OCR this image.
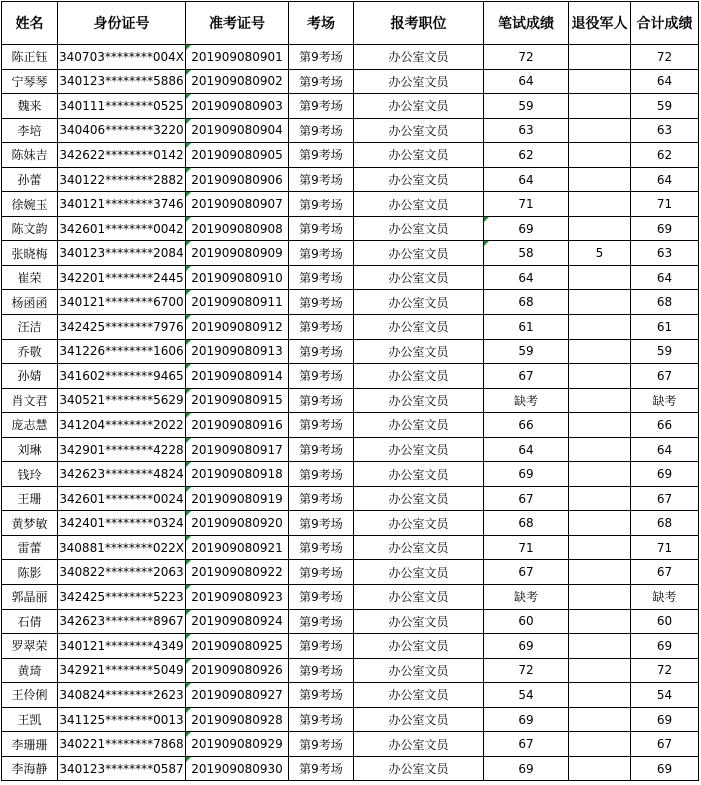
姓名	身份证号	准考证号	考场	报考职位	笔试成绩	退役军人	合计成绩
陈正钰	340703********004X	201909080901	第9考场	办公室文员	72		72
宁琴琴	340123********5886	201909080902	第9考场	办公室文员	64		64
魏来	340111********0525	201909080903	第9考场	办公室文员	59		59
李培	340406********3220	201909080904	第9考场	办公室文员	63		63
陈妹吉	342622********0142	201909080905	第9考场	办公室文员	62		62
孙蕾	340122********2882	201909080906	第9考场	办公室文员	64		64
徐婉玉	340121********3746	201909080907	第9考场	办公室文员	71		71
陈文韵	342601********0042	201909080908	第9考场	办公室文员	69		69
张晓梅	340123********2084	201909080909	第9考场	办公室文员	58	5	63
崔荣	342201********2445	201909080910	第9考场	办公室文员	64		64
杨函函	340121********6700	201909080911	第9考场	办公室文员	68		68
汪洁	342425********7976	201909080912	第9考场	办公室文员	61		61
乔敬	341226********1606	201909080913	第9考场	办公室文员	59		59
孙婧	341602********9465	201909080914	第9考场	办公室文员	67		67
肖文君	340521********5629	201909080915	第9考场	办公室文员	缺考		缺考
庞志慧	341204********2022	201909080916	第9考场	办公室文员	66		66
刘琳	342901********4228	201909080917	第9考场	办公室文员	64		64
钱玲	342623********4824	201909080918	第9考场	办公室文员	69		69
王珊	342601********0024	201909080919	第9考场	办公室文员	67		67
黄梦敏	342401********0324	201909080920	第9考场	办公室文员	68		68
雷蕾	340881********022X	201909080921	第9考场	办公室文员	71		71
陈影	340822********2063	201909080922	第9考场	办公室文员	67		67
郭晶丽	342425********5223	201909080923	第9考场	办公室文员	缺考		缺考
石倩	342623********8967	201909080924	第9考场	办公室文员	60		60
罗翠荣	340121********4349	201909080925	第9考场	办公室文员	69		69
黄琦	342921********5049	201909080926	第9考场	办公室文员	72		72
王伶俐	340824********2623	201909080927	第9考场	办公室文员	54		54
王凯	341125********0013	201909080928	第9考场	办公室文员	69		69
李珊珊	340221********7868	201909080929	第9考场	办公室文员	67		67
李海静	340123********0587	201909080930	第9考场	办公室文员	69		69
